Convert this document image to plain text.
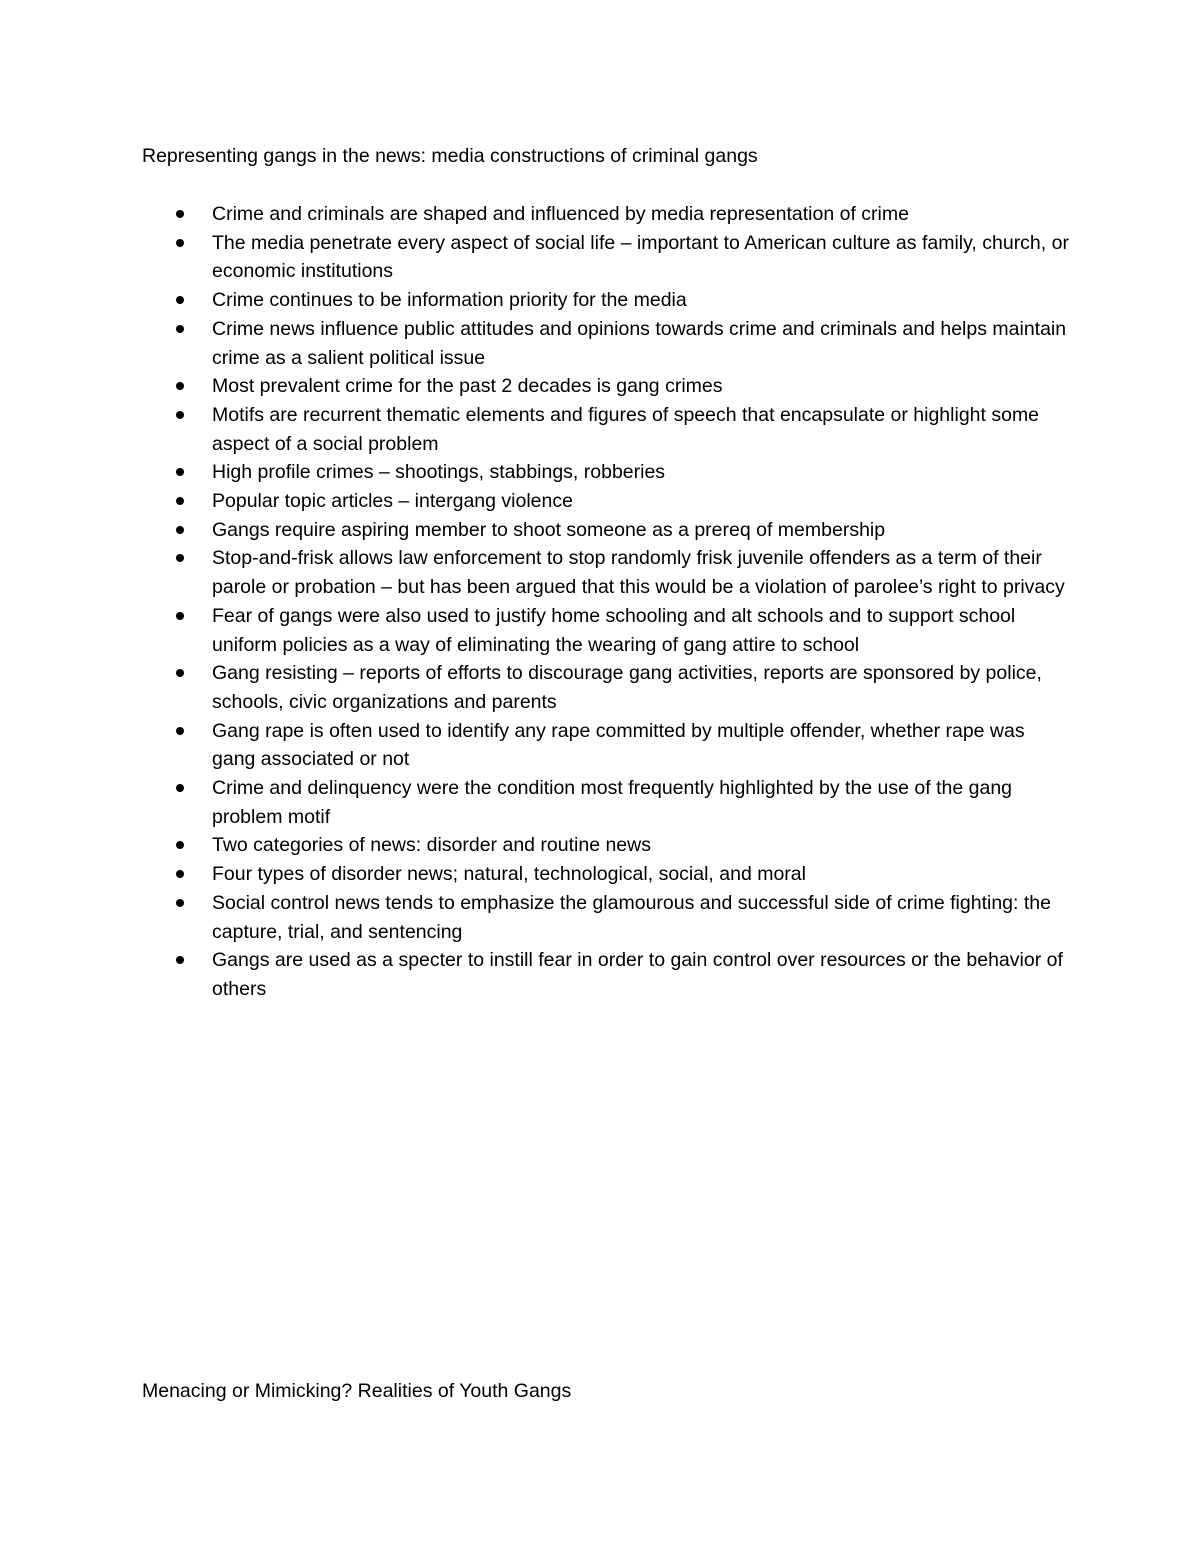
Representing gangs in the news: media constructions of criminal gangs
Crime and criminals are shaped and influenced by media representation of crime
The media penetrate every aspect of social life – important to American culture as family, church, or economic institutions
Crime continues to be information priority for the media
Crime news influence public attitudes and opinions towards crime and criminals and helps maintain crime as a salient political issue
Most prevalent crime for the past 2 decades is gang crimes
Motifs are recurrent thematic elements and figures of speech that encapsulate or highlight some aspect of a social problem
High profile crimes – shootings, stabbings, robberies
Popular topic articles – intergang violence
Gangs require aspiring member to shoot someone as a prereq of membership
Stop-and-frisk allows law enforcement to stop randomly frisk juvenile offenders as a term of their parole or probation – but has been argued that this would be a violation of parolee’s right to privacy
Fear of gangs were also used to justify home schooling and alt schools and to support school uniform policies as a way of eliminating the wearing of gang attire to school
Gang resisting – reports of efforts to discourage gang activities, reports are sponsored by police, schools, civic organizations and parents
Gang rape is often used to identify any rape committed by multiple offender, whether rape was gang associated or not
Crime and delinquency were the condition most frequently highlighted by the use of the gang problem motif
Two categories of news: disorder and routine news
Four types of disorder news; natural, technological, social, and moral
Social control news tends to emphasize the glamourous and successful side of crime fighting: the capture, trial, and sentencing
Gangs are used as a specter to instill fear in order to gain control over resources or the behavior of others
Menacing or Mimicking? Realities of Youth Gangs
